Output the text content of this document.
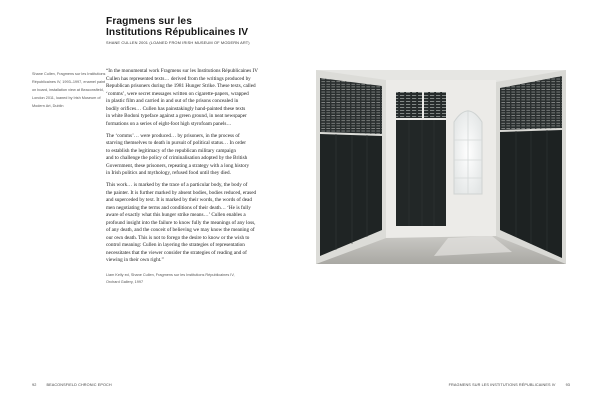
Fragmens sur les
Institutions Républicaines IV
SHANE CULLEN 2001 (LOANED FROM IRISH MUSEUM OF MODERN ART)
Shane Cullen, Fragmens sur les Institutions
Républicaines IV, 1993–1997, enamel paint
on board, installation view at Beaconsfield,
London 2011, loaned by Irish Museum of
Modern Art, Dublin

“In the monumental work Fragmens sur les Institutions Républicaines IV
Cullen has represented texts… derived from the writings produced by
Republican prisoners during the 1981 Hunger Strike. These texts, called
‘comms’, were secret messages written on cigarette-papers, wrapped
in plastic film and carried in and out of the prisons concealed in
bodily orifices… Cullen has painstakingly hand-painted these texts
in white Bodoni typeface against a green ground, in neat newspaper
formations on a series of eight-foot high styrofoam panels…

The ‘comms’… were produced… by prisoners, in the process of
starving themselves to death in pursuit of political status… In order
to establish the legitimacy of the republican military campaign
and to challenge the policy of criminalisation adopted by the British
Government, these prisoners, repeating a strategy with a long history
in Irish politics and mythology, refused food until they died.

This work… is marked by the trace of a particular body, the body of
the painter. It is further marked by absent bodies, bodies reduced, erased
and superceded by text. It is marked by their words, the words of dead
men negotiating the terms and conditions of their death… ‘He is fully
aware of exactly what this hunger strike means…’ Cullen enables a
profound insight into the failure to know fully the meanings of any loss,
of any death, and the conceit of believing we may know the meaning of
our own death. This is not to forego the desire to know or the wish to
control meaning: Cullen in layering the strategies of representation
necessitates that the viewer consider the strategies of reading and of
viewing in their own right.”

Liam Kelly ed, Shane Cullen, Fragmens sur les Institutions Républicaines IV,
Orchard Gallery, 1997
92	BEACONSFIELD CHRONIC EPOCH	FRAGMENS SUR LES INSTITUTIONS RÉPUBLICAINES IV	93
